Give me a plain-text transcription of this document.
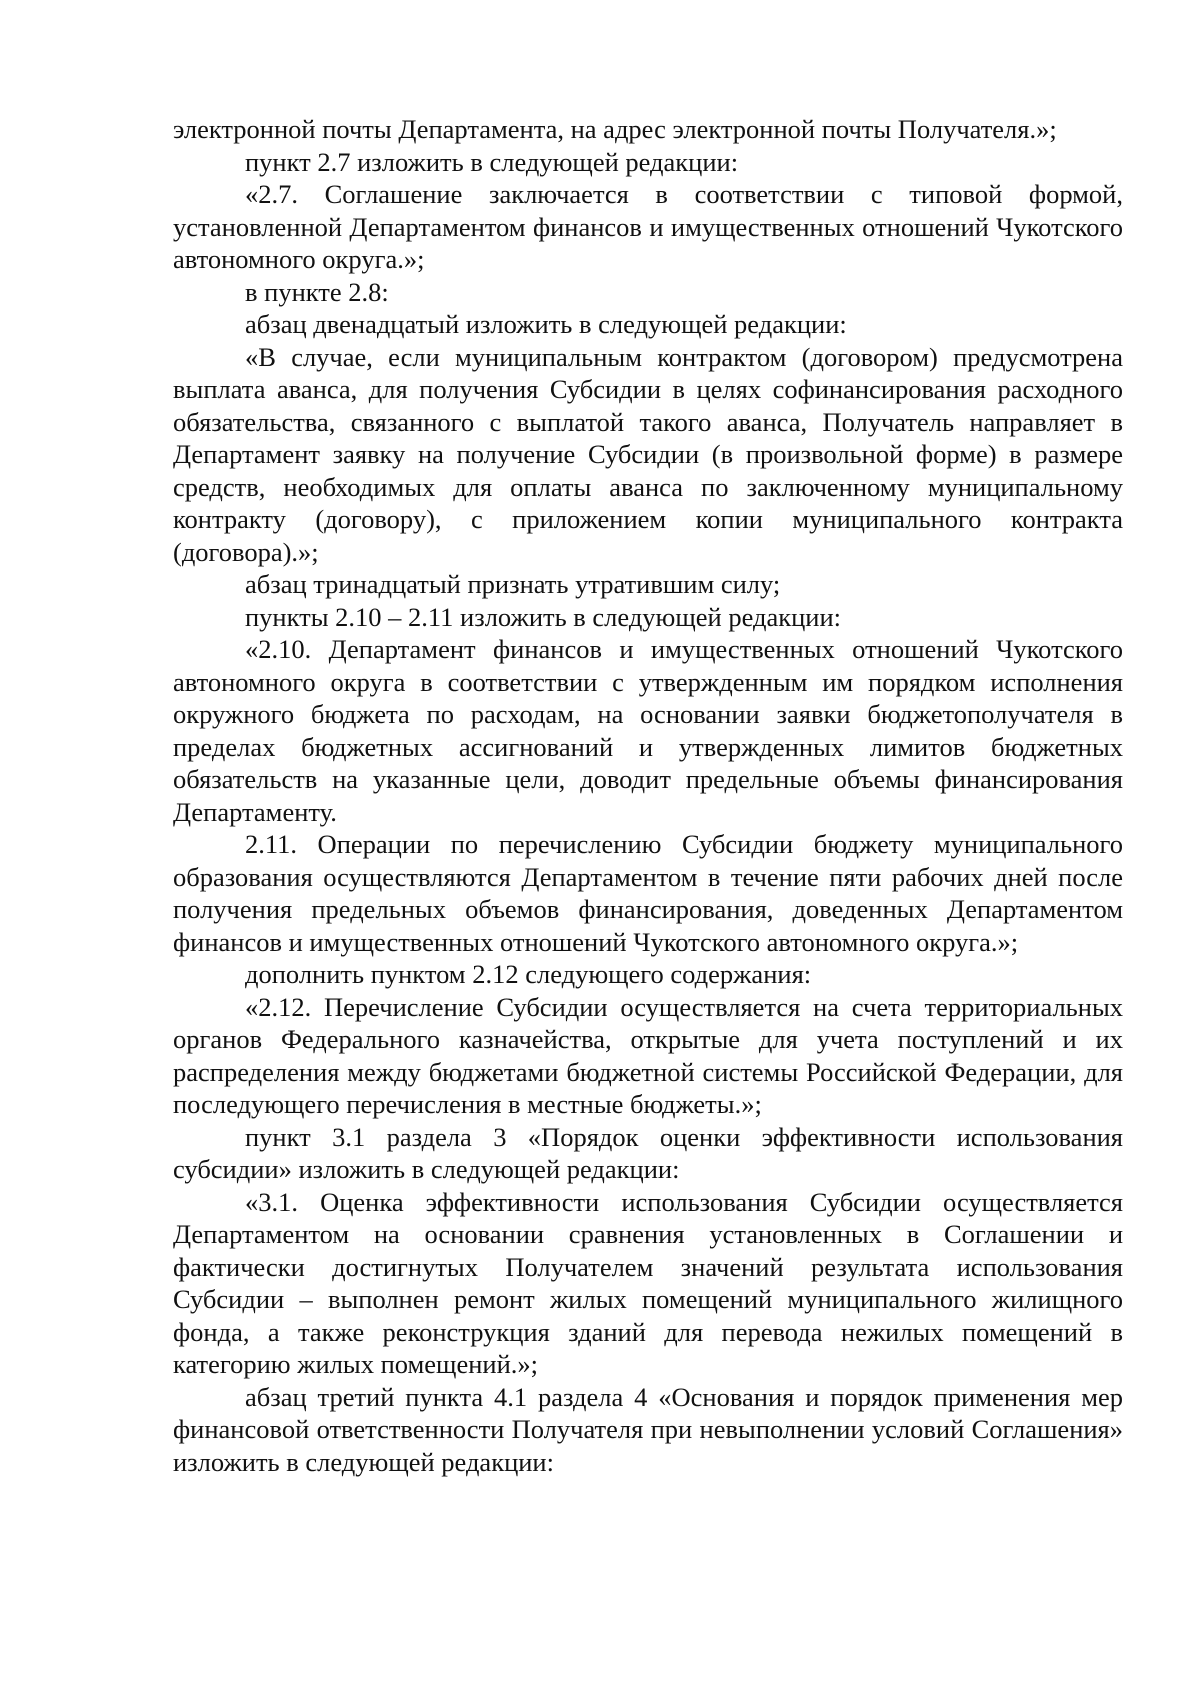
электронной почты Департамента, на адрес электронной почты Получателя.»;

пункт 2.7 изложить в следующей редакции:

«2.7. Соглашение заключается в соответствии с типовой формой, установленной Департаментом финансов и имущественных отношений Чукотского автономного округа.»;

в пункте 2.8:

абзац двенадцатый изложить в следующей редакции:

«В случае, если муниципальным контрактом (договором) предусмотрена выплата аванса, для получения Субсидии в целях софинансирования расходного обязательства, связанного с выплатой такого аванса, Получатель направляет в Департамент заявку на получение Субсидии (в произвольной форме) в размере средств, необходимых для оплаты аванса по заключенному муниципальному контракту (договору), с приложением копии муниципального контракта (договора).»;

абзац тринадцатый признать утратившим силу;

пункты 2.10 – 2.11 изложить в следующей редакции:

«2.10. Департамент финансов и имущественных отношений Чукотского автономного округа в соответствии с утвержденным им порядком исполнения окружного бюджета по расходам, на основании заявки бюджетополучателя в пределах бюджетных ассигнований и утвержденных лимитов бюджетных обязательств на указанные цели, доводит предельные объемы финансирования Департаменту.

2.11. Операции по перечислению Субсидии бюджету муниципального образования осуществляются Департаментом в течение пяти рабочих дней после получения предельных объемов финансирования, доведенных Департаментом финансов и имущественных отношений Чукотского автономного округа.»;

дополнить пунктом 2.12 следующего содержания:

«2.12. Перечисление Субсидии осуществляется на счета территориальных органов Федерального казначейства, открытые для учета поступлений и их распределения между бюджетами бюджетной системы Российской Федерации, для последующего перечисления в местные бюджеты.»;

пункт 3.1 раздела 3 «Порядок оценки эффективности использования субсидии» изложить в следующей редакции:

«3.1. Оценка эффективности использования Субсидии осуществляется Департаментом на основании сравнения установленных в Соглашении и фактически достигнутых Получателем значений результата использования Субсидии – выполнен ремонт жилых помещений муниципального жилищного фонда, а также реконструкция зданий для перевода нежилых помещений в категорию жилых помещений.»;

абзац третий пункта 4.1 раздела 4 «Основания и порядок применения мер финансовой ответственности Получателя при невыполнении условий Соглашения» изложить в следующей редакции:
